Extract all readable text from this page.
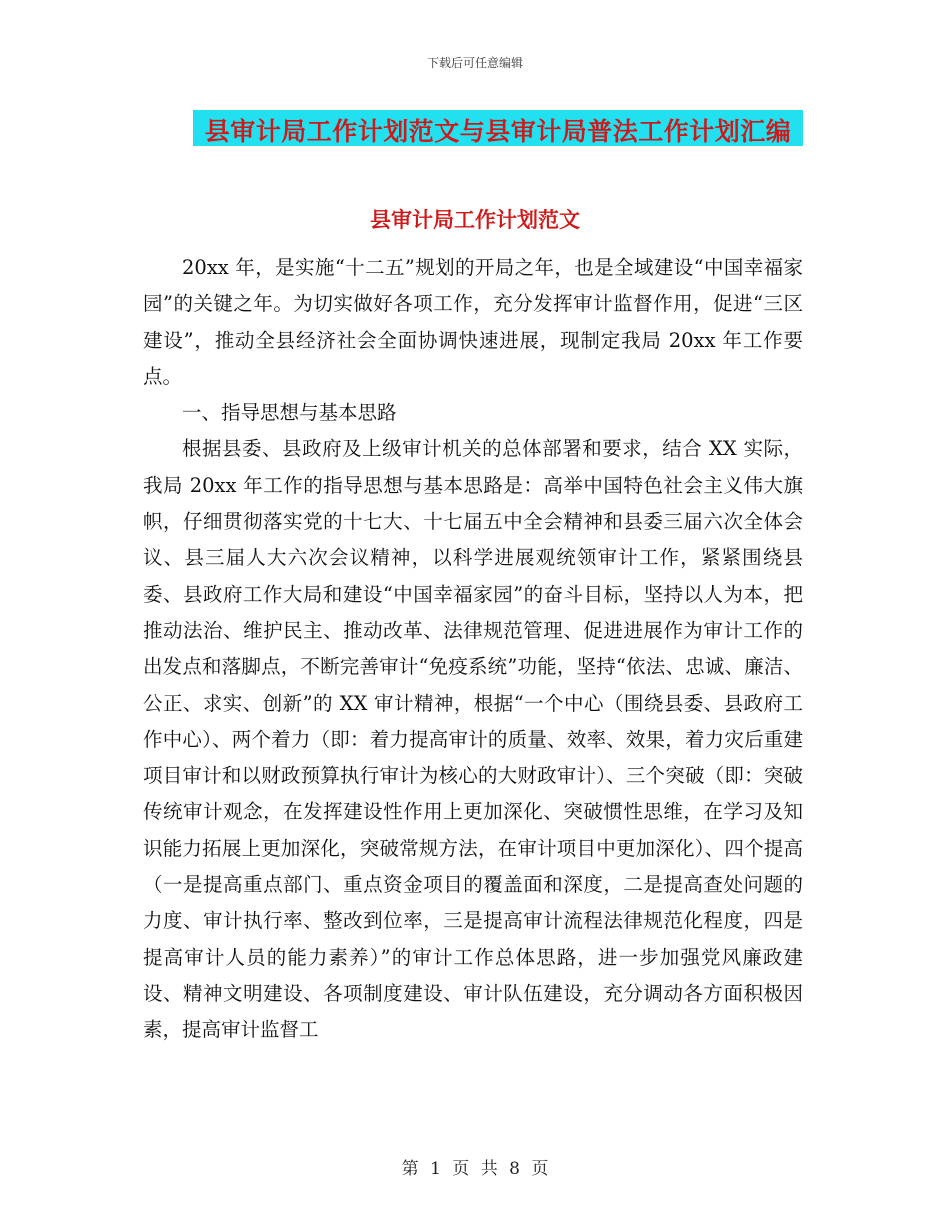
下载后可任意编辑
县审计局工作计划范文与县审计局普法工作计划汇编
县审计局工作计划范文

20xx 年，是实施“十二五”规划的开局之年，也是全域建设“中国幸福家园”的关键之年。为切实做好各项工作，充分发挥审计监督作用，促进“三区建设”，推动全县经济社会全面协调快速进展，现制定我局 20xx 年工作要点。

一、指导思想与基本思路

根据县委、县政府及上级审计机关的总体部署和要求，结合 XX 实际，我局 20xx 年工作的指导思想与基本思路是：高举中国特色社会主义伟大旗帜，仔细贯彻落实党的十七大、十七届五中全会精神和县委三届六次全体会议、县三届人大六次会议精神，以科学进展观统领审计工作，紧紧围绕县委、县政府工作大局和建设“中国幸福家园”的奋斗目标，坚持以人为本，把推动法治、维护民主、推动改革、法律规范管理、促进进展作为审计工作的出发点和落脚点，不断完善审计“免疫系统”功能，坚持“依法、忠诚、廉洁、公正、求实、创新”的 XX 审计精神，根据“一个中心（围绕县委、县政府工作中心）、两个着力（即：着力提高审计的质量、效率、效果，着力灾后重建项目审计和以财政预算执行审计为核心的大财政审计）、三个突破（即：突破传统审计观念，在发挥建设性作用上更加深化、突破惯性思维，在学习及知识能力拓展上更加深化，突破常规方法，在审计项目中更加深化）、四个提高（一是提高重点部门、重点资金项目的覆盖面和深度，二是提高查处问题的力度、审计执行率、整改到位率，三是提高审计流程法律规范化程度，四是提高审计人员的能力素养）”的审计工作总体思路，进一步加强党风廉政建设、精神文明建设、各项制度建设、审计队伍建设，充分调动各方面积极因素，提高审计监督工

第 1 页 共 8 页
